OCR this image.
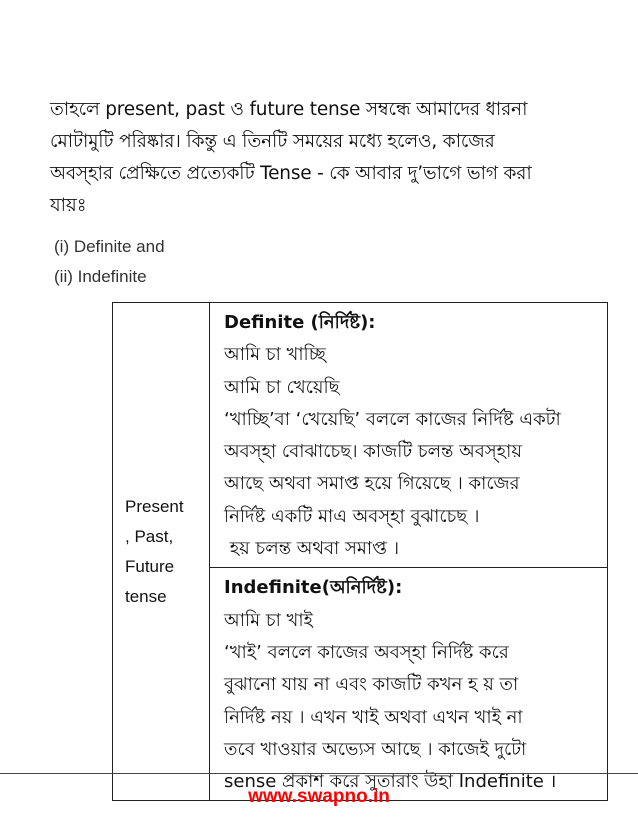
তাহলে present, past ও future tense সম্বন্ধে আমাদের ধারনা
মোটামুটি পরিষ্কার। কিন্তু এ তিনটি সময়ের মধ্যে হলেও, কাজের
অবস্হার প্রেক্ষিতে প্রত্যেকটি Tense - কে আবার দু’ভাগে ভাগ করা
যায়ঃ

(i) Definite and
(ii) Indefinite
Present
, Past,
Future
tense

Definite (নির্দিষ্ট):
আমি চা খাচ্ছি
আমি চা খেয়েছি
‘খাচ্ছি’বা ‘খেয়েছি’ বললে কাজের নির্দিষ্ট একটা
অবস্হা বোঝাচেছ। কাজটি চলন্ত অবস্হায়
আছে অথবা সমাপ্ত হয়ে গিয়েছে । কাজের
নির্দিষ্ট একটি মাএ অবস্হা বুঝাচেছ ।
হয় চলন্ত অথবা সমাপ্ত ।

Indefinite(অনির্দিষ্ট):
আমি চা খাই
‘খাই’ বললে কাজের অবস্হা নির্দিষ্ট করে
বুঝানো যায় না এবং কাজটি কখন হ য় তা
নির্দিষ্ট নয় । এখন খাই অথবা এখন খাই না
তবে খাওয়ার অভ্যেস আছে । কাজেই দুটো
sense প্রকাশ করে সুতারাং উহা Indefinite ।
www.swapno.in
